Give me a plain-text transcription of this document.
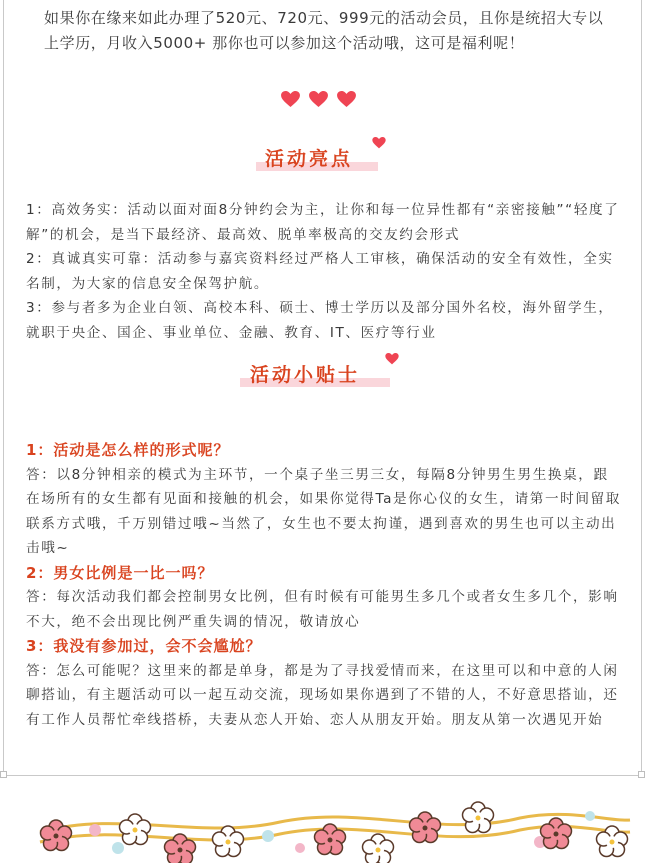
如果你在缘来如此办理了520元、720元、999元的活动会员，且你是统招大专以上学历，月收入5000+ 那你也可以参加这个活动哦，这可是福利呢！
活动亮点

1：高效务实：活动以面对面8分钟约会为主，让你和每一位异性都有“亲密接触”“轻度了解”的机会，是当下最经济、最高效、脱单率极高的交友约会形式

2：真诚真实可靠：活动参与嘉宾资料经过严格人工审核，确保活动的安全有效性，全实名制，为大家的信息安全保驾护航。

3：参与者多为企业白领、高校本科、硕士、博士学历以及部分国外名校，海外留学生，就职于央企、国企、事业单位、金融、教育、IT、医疗等行业

活动小贴士

1：活动是怎么样的形式呢？

答：以8分钟相亲的模式为主环节，一个桌子坐三男三女，每隔8分钟男生男生换桌，跟在场所有的女生都有见面和接触的机会，如果你觉得Ta是你心仪的女生，请第一时间留取联系方式哦，千万别错过哦~当然了，女生也不要太拘谨，遇到喜欢的男生也可以主动出击哦~

2：男女比例是一比一吗？

答：每次活动我们都会控制男女比例，但有时候有可能男生多几个或者女生多几个，影响不大，绝不会出现比例严重失调的情况，敬请放心

3：我没有参加过，会不会尴尬？

答：怎么可能呢？这里来的都是单身，都是为了寻找爱情而来，在这里可以和中意的人闲聊搭讪，有主题活动可以一起互动交流，现场如果你遇到了不错的人，不好意思搭讪，还有工作人员帮忙牵线搭桥，夫妻从恋人开始、恋人从朋友开始。朋友从第一次遇见开始
